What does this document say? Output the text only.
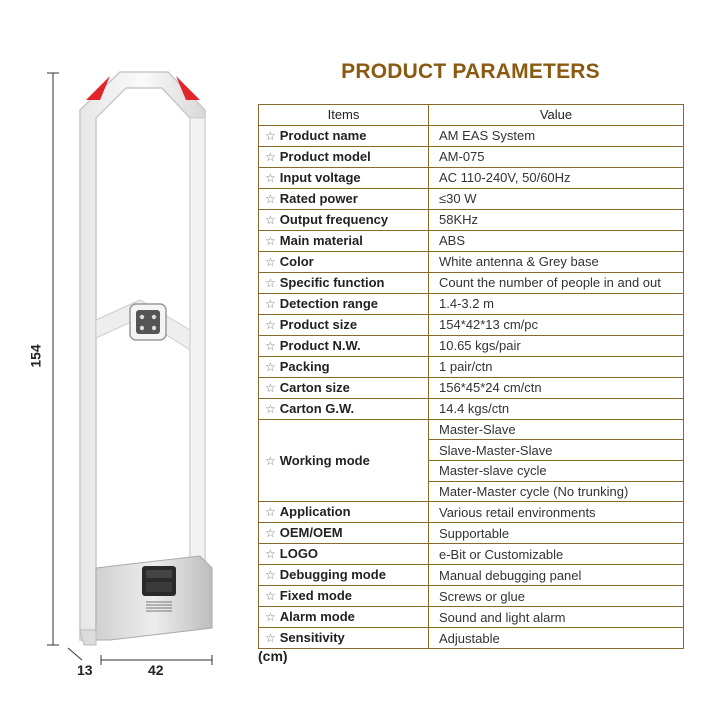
154
13	42
PRODUCT PARAMETERS
Items	Value
☆ Product name	AM EAS System
☆ Product model	AM-075
☆ Input voltage	AC 110-240V, 50/60Hz
☆ Rated power	≤30 W
☆ Output frequency	58KHz
☆ Main material	ABS
☆ Color	White antenna & Grey base
☆ Specific function	Count the number of people in and out
☆ Detection range	1.4-3.2 m
☆ Product size	154*42*13 cm/pc
☆ Product N.W.	10.65 kgs/pair
☆ Packing	1 pair/ctn
☆ Carton size	156*45*24 cm/ctn
☆ Carton G.W.	14.4 kgs/ctn
☆ Working mode	Master-Slave
	Slave-Master-Slave
	Master-slave cycle
	Mater-Master cycle (No trunking)
☆ Application	Various retail environments
☆ OEM/OEM	Supportable
☆ LOGO	e-Bit or Customizable
☆ Debugging mode	Manual debugging panel
☆ Fixed mode	Screws or glue
☆ Alarm mode	Sound and light alarm
☆ Sensitivity	Adjustable
(cm)
